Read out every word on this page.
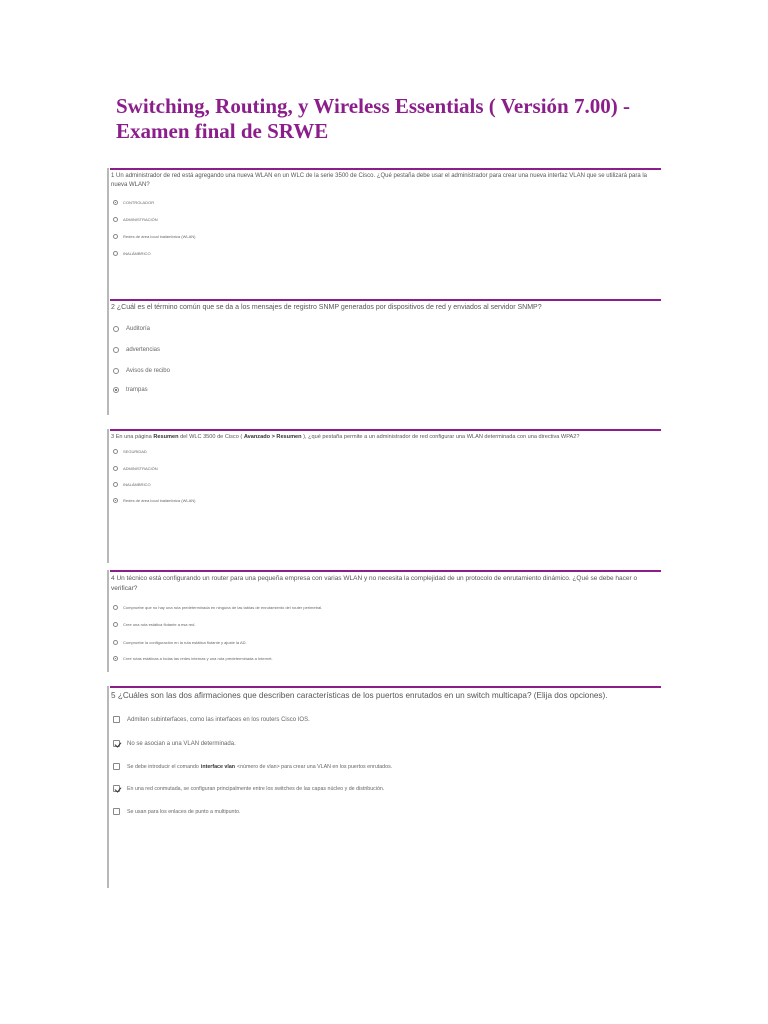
Switching, Routing, y Wireless Essentials ( Versión 7.00) -
Examen final de SRWE

1 Un administrador de red está agregando una nueva WLAN en un WLC de la serie 3500 de Cisco. ¿Qué pestaña debe usar el administrador para crear una nueva interfaz VLAN que se utilizará para la nueva WLAN?

CONTROLADOR
ADMINISTRACIÓN
Redes de área local inalámbrica (WLAN)
INALÁMBRICO

2 ¿Cuál es el término común que se da a los mensajes de registro SNMP generados por dispositivos de red y enviados al servidor SNMP?

Auditoría
advertencias
Avisos de recibo
trampas

3 En una página Resumen del WLC 3500 de Cisco ( Avanzado > Resumen ), ¿qué pestaña permite a un administrador de red configurar una WLAN determinada con una directiva WPA2?

SEGURIDAD
ADMINISTRACIÓN
INALÁMBRICO
Redes de área local inalámbrica (WLAN)

4 Un técnico está configurando un router para una pequeña empresa con varias WLAN y no necesita la complejidad de un protocolo de enrutamiento dinámico. ¿Qué se debe hacer o verificar?

Compruebe que no hay una ruta predeterminada en ninguna de las tablas de enrutamiento del router perimetral.
Cree una ruta estática flotante a esa red.
Compruebe la configuración en la ruta estática flotante y ajuste la AD.
Cree rutas estáticas a todas las redes internas y una ruta predeterminada a Internet.

5 ¿Cuáles son las dos afirmaciones que describen características de los puertos enrutados en un switch multicapa? (Elija dos opciones).

Admiten subinterfaces, como las interfaces en los routers Cisco IOS.
No se asocian a una VLAN determinada.
Se debe introducir el comando interface vlan <número de vlan> para crear una VLAN en los puertos enrutados.
En una red conmutada, se configuran principalmente entre los switches de las capas núcleo y de distribución.
Se usan para los enlaces de punto a multipunto.
